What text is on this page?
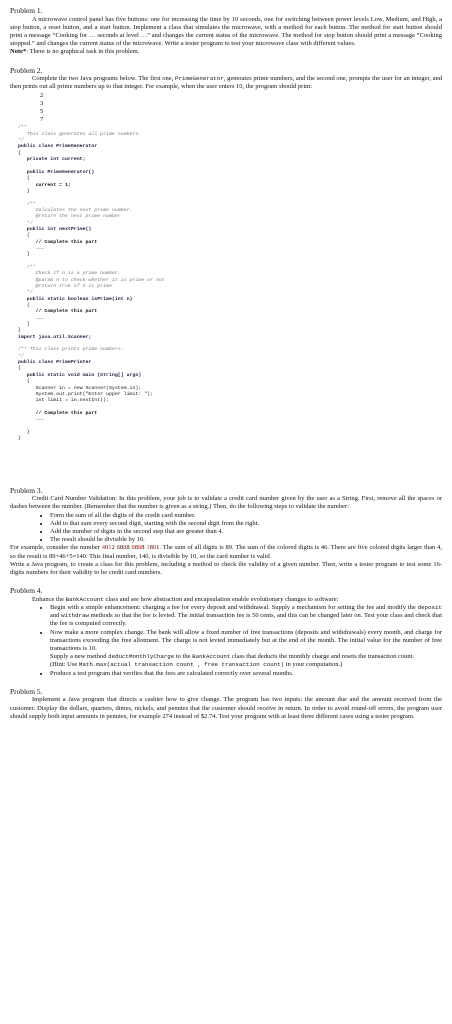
Problem 1.

A microwave control panel has five buttons: one for increasing the time by 10 seconds, one for switching between power levels Low, Medium, and High, a stop button, a reset button, and a start button. Implement a class that simulates the microwave, with a method for each button. The method for start button should print a message “Cooking for … seconds at level …” and changes the current status of the microwave. The method for stop button should print a message “Cooking stopped.” and changes the current status of the microwave. Write a tester program to test your microwave class with different values.

Note*: There is no graphical task in this problem.

Problem 2.

Complete the two Java programs below. The first one, PrimeGenerator, generates prime numbers, and the second one, prompts the user for an integer, and then prints out all prime numbers up to that integer. For example, when the user enters 10, the program should print:

2

3

5

7

/**
This class generates all prime numbers.
*/
public class PrimeGenerator
{
private int current;

public PrimeGenerator()
{
current = 1;
}

/**
Calculates the next prime number.
@return the next prime number
*/
public int nextPrime()
{
// Complete this part
...
}

/**
Check if n is a prime number.
@param n to check whether it is prime or not
@return true if n is prime
*/
public static boolean isPrime(int n)
{
// Complete this part
...
}
}
import java.util.Scanner;

/** This class prints prime numbers.
*/
public class PrimePrinter
{
public static void main (String[] args)
{
Scanner in = new Scanner(System.in);
System.out.print("Enter upper limit: ");
int limit = in.nextInt();

// Complete this part
...

}
}

Problem 3.

Credit Card Number Validation: In this problem, your job is to validate a credit card number given by the user as a String. First, remove all the spaces or dashes between the number. (Remember that the number is given as a string.) Then, do the following steps to validate the number:

• Form the sum of all the digits of the credit card number.
• Add to that sum every second digit, starting with the second digit from the right.
• Add the number of digits in the second step that are greater than 4.
• The result should be divisible by 10.

For example, consider the number 4012 8888 8888 1881. The sum of all digits is 89. The sum of the colored digits is 46. There are five colored digits larger than 4, so the result is 89+46+5=140. This final number, 140, is divisible by 10, so the card number is valid.

Write a Java program, to create a class for this problem, including a method to check the validity of a given number. Then, write a tester program to test some 16-digits numbers for their validity to be credit card numbers.

Problem 4.

Enhance the BankAccount class and see how abstraction and encapsulation enable evolutionary changes to software:

• Begin with a simple enhancement: charging a fee for every deposit and withdrawal. Supply a mechanism for setting the fee and modify the deposit and withdraw methods so that the fee is levied. The initial transaction fee is 50 cents, and this can be changed later on. Test your class and check that the fee is computed correctly.
• Now make a more complex change. The bank will allow a fixed number of free transactions (deposits and withdrawals) every month, and charge for transactions exceeding the free allotment. The charge is not levied immediately but at the end of the month. The initial value for the number of free transactions is 10.
Supply a new method deductMonthlyCharge to the BankAccount class that deducts the monthly charge and resets the transaction count.
(Hint: Use Math.max(actual transaction count , free transaction count) in your computation.)
• Produce a test program that verifies that the fees are calculated correctly over several months.

Problem 5.

Implement a Java program that directs a cashier how to give change. The program has two inputs: the amount due and the amount received from the customer. Display the dollars, quarters, dimes, nickels, and pennies that the customer should receive in return. In order to avoid round-off errors, the program user should supply both input amounts in pennies, for example 274 instead of $2.74. Test your program with at least three different cases using a tester program.
